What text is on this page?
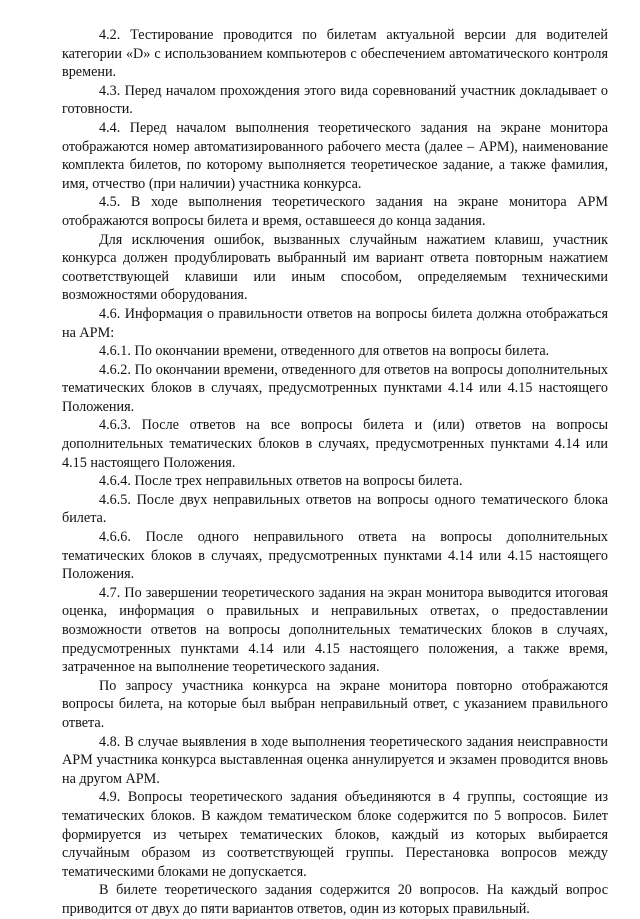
4.2. Тестирование проводится по билетам актуальной версии для водителей категории «D» с использованием компьютеров с обеспечением автоматического контроля времени.

4.3. Перед началом прохождения этого вида соревнований участник докладывает о готовности.

4.4. Перед началом выполнения теоретического задания на экране монитора отображаются номер автоматизированного рабочего места (далее – АРМ), наименование комплекта билетов, по которому выполняется теоретическое задание, а также фамилия, имя, отчество (при наличии) участника конкурса.

4.5. В ходе выполнения теоретического задания на экране монитора АРМ отображаются вопросы билета и время, оставшееся до конца задания.

Для исключения ошибок, вызванных случайным нажатием клавиш, участник конкурса должен продублировать выбранный им вариант ответа повторным нажатием соответствующей клавиши или иным способом, определяемым техническими возможностями оборудования.

4.6. Информация о правильности ответов на вопросы билета должна отображаться на АРМ:

4.6.1. По окончании времени, отведенного для ответов на вопросы билета.

4.6.2. По окончании времени, отведенного для ответов на вопросы дополнительных тематических блоков в случаях, предусмотренных пунктами 4.14 или 4.15 настоящего Положения.

4.6.3. После ответов на все вопросы билета и (или) ответов на вопросы дополнительных тематических блоков в случаях, предусмотренных пунктами 4.14 или 4.15 настоящего Положения.

4.6.4. После трех неправильных ответов на вопросы билета.

4.6.5. После двух неправильных ответов на вопросы одного тематического блока билета.

4.6.6. После одного неправильного ответа на вопросы дополнительных тематических блоков в случаях, предусмотренных пунктами 4.14 или 4.15 настоящего Положения.

4.7. По завершении теоретического задания на экран монитора выводится итоговая оценка, информация о правильных и неправильных ответах, о предоставлении возможности ответов на вопросы дополнительных тематических блоков в случаях, предусмотренных пунктами 4.14 или 4.15 настоящего положения, а также время, затраченное на выполнение теоретического задания.

По запросу участника конкурса на экране монитора повторно отображаются вопросы билета, на которые был выбран неправильный ответ, с указанием правильного ответа.

4.8. В случае выявления в ходе выполнения теоретического задания неисправности АРМ участника конкурса выставленная оценка аннулируется и экзамен проводится вновь на другом АРМ.

4.9. Вопросы теоретического задания объединяются в 4 группы, состоящие из тематических блоков. В каждом тематическом блоке содержится по 5 вопросов. Билет формируется из четырех тематических блоков, каждый из которых выбирается случайным образом из соответствующей группы. Перестановка вопросов между тематическими блоками не допускается.

В билете теоретического задания содержится 20 вопросов. На каждый вопрос приводится от двух до пяти вариантов ответов, один из которых правильный.
